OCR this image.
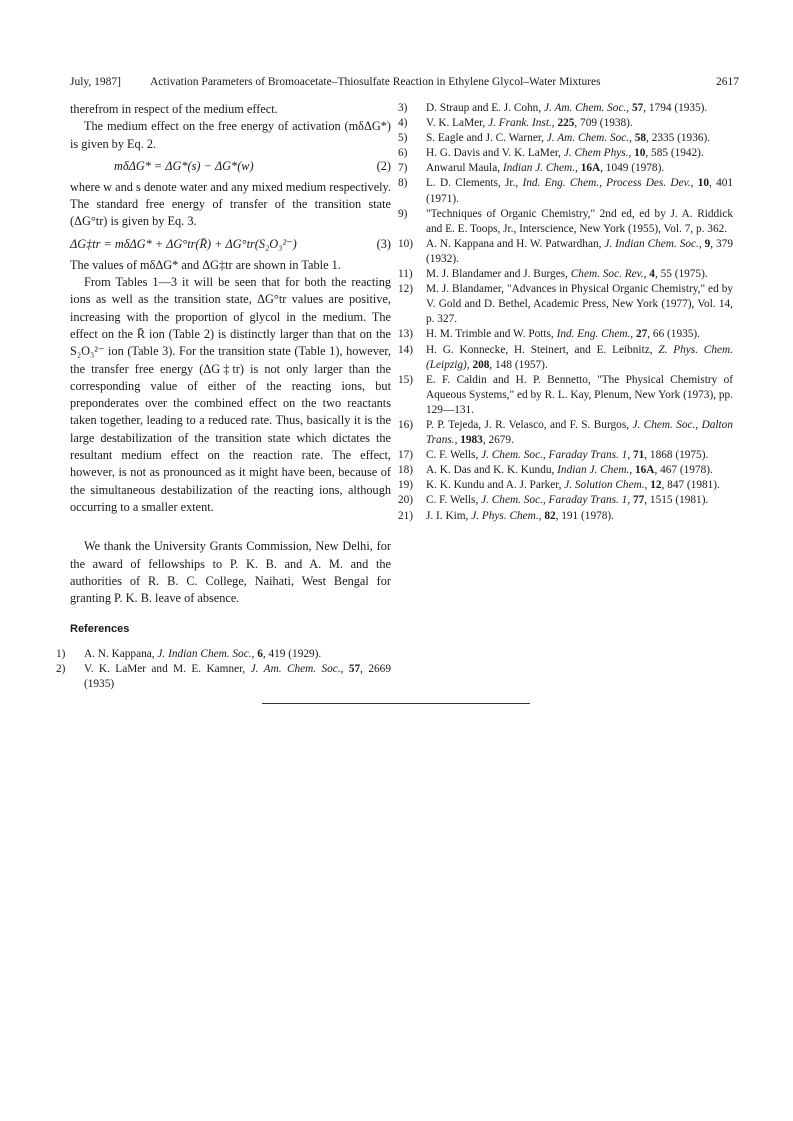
July, 1987]	Activation Parameters of Bromoacetate–Thiosulfate Reaction in Ethylene Glycol–Water Mixtures	2617

therefrom in respect of the medium effect.

The medium effect on the free energy of activation (mδΔG*) is given by Eq. 2.

mδΔG* = ΔG*(s) − ΔG*(w)	(2)

where w and s denote water and any mixed medium respectively. The standard free energy of transfer of the transition state (ΔG°tr) is given by Eq. 3.

ΔG‡tr = mδΔG* + ΔG°tr(R̄) + ΔG°tr(S₂O₃²⁻)	(3)

The values of mδΔG* and ΔG‡tr are shown in Table 1.

From Tables 1—3 it will be seen that for both the reacting ions as well as the transition state, ΔG°tr values are positive, increasing with the proportion of glycol in the medium. The effect on the R̄ ion (Table 2) is distinctly larger than that on the S₂O₃²⁻ ion (Table 3). For the transition state (Table 1), however, the transfer free energy (ΔG‡tr) is not only larger than the corresponding value of either of the reacting ions, but preponderates over the combined effect on the two reactants taken together, leading to a reduced rate. Thus, basically it is the large destabilization of the transition state which dictates the resultant medium effect on the reaction rate. The effect, however, is not as pronounced as it might have been, because of the simultaneous destabilization of the reacting ions, although occurring to a smaller extent.

We thank the University Grants Commission, New Delhi, for the award of fellowships to P. K. B. and A. M. and the authorities of R. B. C. College, Naihati, West Bengal for granting P. K. B. leave of absence.

References

1)A. N. Kappana, J. Indian Chem. Soc., 6, 419 (1929).

2)V. K. LaMer and M. E. Kamner, J. Am. Chem. Soc., 57, 2669 (1935)

3)D. Straup and E. J. Cohn, J. Am. Chem. Soc., 57, 1794 (1935).

4)V. K. LaMer, J. Frank. Inst., 225, 709 (1938).

5)S. Eagle and J. C. Warner, J. Am. Chem. Soc., 58, 2335 (1936).

6)H. G. Davis and V. K. LaMer, J. Chem Phys., 10, 585 (1942).

7)Anwarul Maula, Indian J. Chem., 16A, 1049 (1978).

8)L. D. Clements, Jr., Ind. Eng. Chem., Process Des. Dev., 10, 401 (1971).

9)"Techniques of Organic Chemistry," 2nd ed, ed by J. A. Riddick and E. E. Toops, Jr., Interscience, New York (1955), Vol. 7, p. 362.

10)A. N. Kappana and H. W. Patwardhan, J. Indian Chem. Soc., 9, 379 (1932).

11)M. J. Blandamer and J. Burges, Chem. Soc. Rev., 4, 55 (1975).

12)M. J. Blandamer, "Advances in Physical Organic Chemistry," ed by V. Gold and D. Bethel, Academic Press, New York (1977), Vol. 14, p. 327.

13)H. M. Trimble and W. Potts, Ind. Eng. Chem., 27, 66 (1935).

14)H. G. Konnecke, H. Steinert, and E. Leibnitz, Z. Phys. Chem. (Leipzig), 208, 148 (1957).

15)E. F. Caldin and H. P. Bennetto, "The Physical Chemistry of Aqueous Systems," ed by R. L. Kay, Plenum, New York (1973), pp. 129—131.

16)P. P. Tejeda, J. R. Velasco, and F. S. Burgos, J. Chem. Soc., Dalton Trans., 1983, 2679.

17)C. F. Wells, J. Chem. Soc., Faraday Trans. 1, 71, 1868 (1975).

18)A. K. Das and K. K. Kundu, Indian J. Chem., 16A, 467 (1978).

19)K. K. Kundu and A. J. Parker, J. Solution Chem., 12, 847 (1981).

20)C. F. Wells, J. Chem. Soc., Faraday Trans. 1, 77, 1515 (1981).

21)J. I. Kim, J. Phys. Chem., 82, 191 (1978).
